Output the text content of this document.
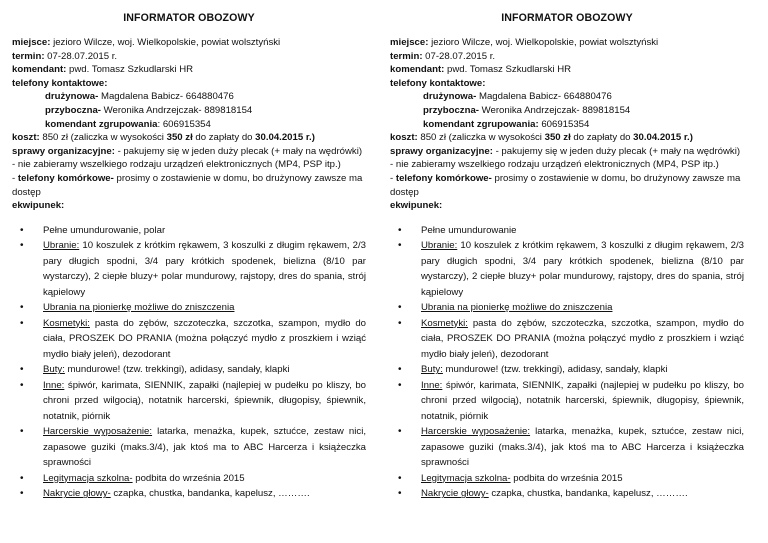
INFORMATOR OBOZOWY
miejsce: jezioro Wilcze, woj. Wielkopolskie, powiat wolsztyński
termin: 07-28.07.2015 r.
komendant: pwd. Tomasz Szkudlarski HR
telefony kontaktowe:
drużynowa- Magdalena Babicz- 664880476
przyboczna- Weronika Andrzejczak- 889818154
komendant zgrupowania: 606915354
koszt: 850 zł (zaliczka w wysokości 350 zł do zapłaty do 30.04.2015 r.)
sprawy organizacyjne: - pakujemy się w jeden duży plecak (+ mały na wędrówki)
- nie zabieramy wszelkiego rodzaju urządzeń elektronicznych (MP4, PSP itp.)
- telefony komórkowe- prosimy o zostawienie w domu, bo drużynowy zawsze ma dostęp
ekwipunek:
• Pełne umundurowanie, polar
• Ubranie: 10 koszulek z krótkim rękawem, 3 koszulki z długim rękawem, 2/3 pary długich spodni, 3/4 pary krótkich spodenek, bielizna (8/10 par wystarczy), 2 ciepłe bluzy+ polar mundurowy, rajstopy, dres do spania, strój kąpielowy
• Ubrania na pionierkę możliwe do zniszczenia
• Kosmetyki: pasta do zębów, szczoteczka, szczotka, szampon, mydło do ciała, PROSZEK DO PRANIA (można połączyć mydło z proszkiem i wziąć mydło biały jeleń), dezodorant
• Buty: mundurowe! (tzw. trekkingi), adidasy, sandały, klapki
• Inne: śpiwór, karimata, SIENNIK, zapałki (najlepiej w pudełku po kliszy, bo chroni przed wilgocią), notatnik harcerski, śpiewnik, długopisy, śpiewnik, notatnik, piórnik
• Harcerskie wyposażenie: latarka, menażka, kupek, sztućce, zestaw nici, zapasowe guziki (maks.3/4), jak ktoś ma to ABC Harcerza i książeczka sprawności
• Legitymacja szkolna- podbita do września 2015
• Nakrycie głowy- czapka, chustka, bandanka, kapelusz, ……….
INFORMATOR OBOZOWY
miejsce: jezioro Wilcze, woj. Wielkopolskie, powiat wolsztyński
termin: 07-28.07.2015 r.
komendant: pwd. Tomasz Szkudlarski HR
telefony kontaktowe:
drużynowa- Magdalena Babicz- 664880476
przyboczna- Weronika Andrzejczak- 889818154
komendant zgrupowania: 606915354
koszt: 850 zł (zaliczka w wysokości 350 zł do zapłaty do 30.04.2015 r.)
sprawy organizacyjne: - pakujemy się w jeden duży plecak (+ mały na wędrówki)
- nie zabieramy wszelkiego rodzaju urządzeń elektronicznych (MP4, PSP itp.)
- telefony komórkowe- prosimy o zostawienie w domu, bo drużynowy zawsze ma dostęp
ekwipunek:
• Pełne umundurowanie
• Ubranie: 10 koszulek z krótkim rękawem, 3 koszulki z długim rękawem, 2/3 pary długich spodni, 3/4 pary krótkich spodenek, bielizna (8/10 par wystarczy), 2 ciepłe bluzy+ polar mundurowy, rajstopy, dres do spania, strój kąpielowy
• Ubrania na pionierkę możliwe do zniszczenia
• Kosmetyki: pasta do zębów, szczoteczka, szczotka, szampon, mydło do ciała, PROSZEK DO PRANIA (można połączyć mydło z proszkiem i wziąć mydło biały jeleń), dezodorant
• Buty: mundurowe! (tzw. trekkingi), adidasy, sandały, klapki
• Inne: śpiwór, karimata, SIENNIK, zapałki (najlepiej w pudełku po kliszy, bo chroni przed wilgocią), notatnik harcerski, śpiewnik, długopisy, śpiewnik, notatnik, piórnik
• Harcerskie wyposażenie: latarka, menażka, kupek, sztućce, zestaw nici, zapasowe guziki (maks.3/4), jak ktoś ma to ABC Harcerza i książeczka sprawności
• Legitymacja szkolna- podbita do września 2015
• Nakrycie głowy- czapka, chustka, bandanka, kapelusz, ……….
